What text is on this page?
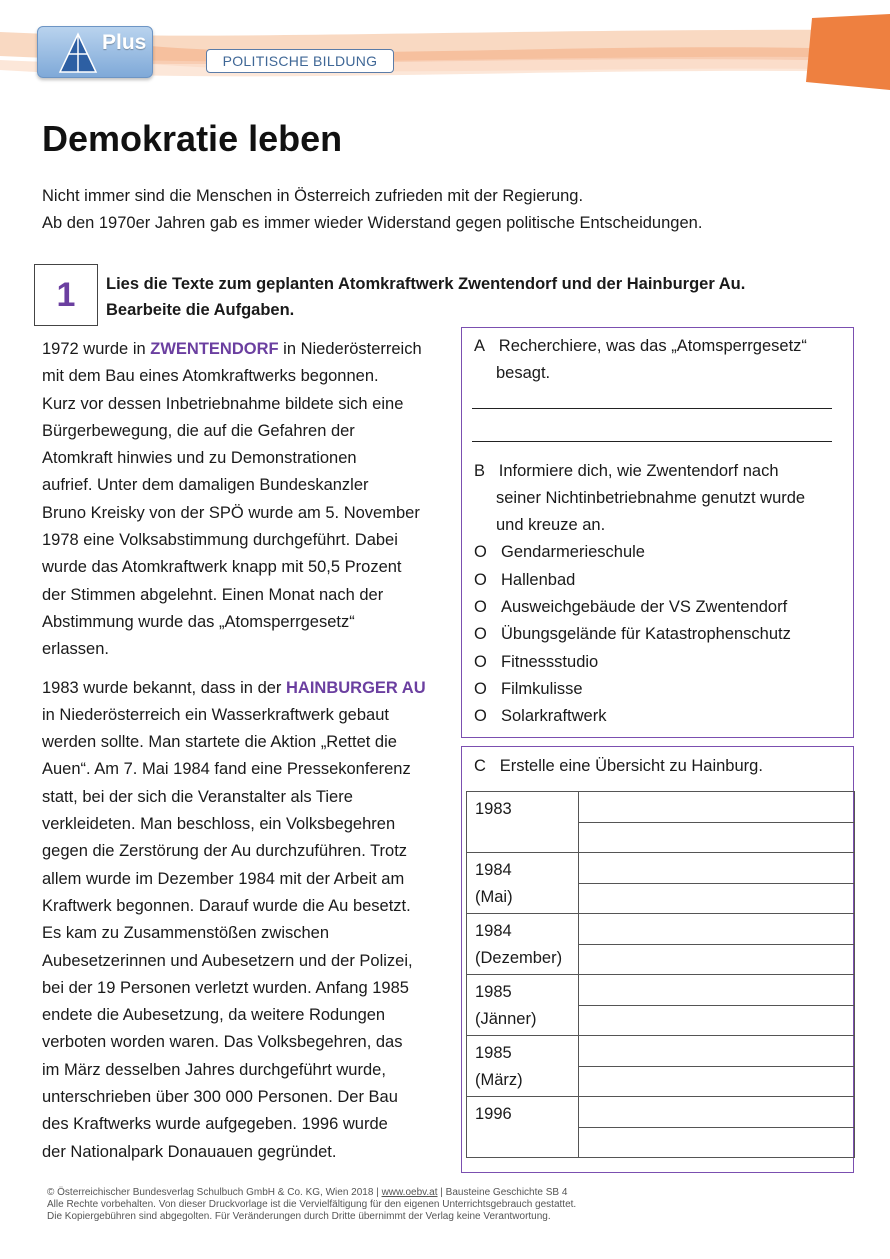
Plus
POLITISCHE BILDUNG
Demokratie leben
Nicht immer sind die Menschen in Österreich zufrieden mit der Regierung.
Ab den 1970er Jahren gab es immer wieder Widerstand gegen politische Entscheidungen.
1	Lies die Texte zum geplanten Atomkraftwerk Zwentendorf und der Hainburger Au.
Bearbeite die Aufgaben.

1972 wurde in ZWENTENDORF in Niederösterreich
mit dem Bau eines Atomkraftwerks begonnen.
Kurz vor dessen Inbetriebnahme bildete sich eine
Bürgerbewegung, die auf die Gefahren der
Atomkraft hinwies und zu Demonstrationen
aufrief. Unter dem damaligen Bundeskanzler
Bruno Kreisky von der SPÖ wurde am 5. November
1978 eine Volksabstimmung durchgeführt. Dabei
wurde das Atomkraftwerk knapp mit 50,5 Prozent
der Stimmen abgelehnt. Einen Monat nach der
Abstimmung wurde das „Atomsperrgesetz“
erlassen.

1983 wurde bekannt, dass in der HAINBURGER AU
in Niederösterreich ein Wasserkraftwerk gebaut
werden sollte. Man startete die Aktion „Rettet die
Auen“. Am 7. Mai 1984 fand eine Pressekonferenz
statt, bei der sich die Veranstalter als Tiere
verkleideten. Man beschloss, ein Volksbegehren
gegen die Zerstörung der Au durchzuführen. Trotz
allem wurde im Dezember 1984 mit der Arbeit am
Kraftwerk begonnen. Darauf wurde die Au besetzt.
Es kam zu Zusammenstößen zwischen
Aubesetzerinnen und Aubesetzern und der Polizei,
bei der 19 Personen verletzt wurden. Anfang 1985
endete die Aubesetzung, da weitere Rodungen
verboten worden waren. Das Volksbegehren, das
im März desselben Jahres durchgeführt wurde,
unterschrieben über 300 000 Personen. Der Bau
des Kraftwerks wurde aufgegeben. 1996 wurde
der Nationalpark Donauauen gegründet.

A Recherchiere, was das „Atomsperrgesetz“
besagt.
B Informiere dich, wie Zwentendorf nach
seiner Nichtinbetriebnahme genutzt wurde
und kreuze an.
O Gendarmerieschule
O Hallenbad
O Ausweichgebäude der VS Zwentendorf
O Übungsgelände für Katastrophenschutz
O Fitnessstudio
O Filmkulisse
O Solarkraftwerk
C Erstelle eine Übersicht zu Hainburg.
1983

1984
(Mai)	

1984
(Dezember)	

1985
(Jänner)	

1985
(März)	

1996

© Österreichischer Bundesverlag Schulbuch GmbH & Co. KG, Wien 2018 | www.oebv.at | Bausteine Geschichte SB 4
Alle Rechte vorbehalten. Von dieser Druckvorlage ist die Vervielfältigung für den eigenen Unterrichtsgebrauch gestattet.
Die Kopiergebühren sind abgegolten. Für Veränderungen durch Dritte übernimmt der Verlag keine Verantwortung.
